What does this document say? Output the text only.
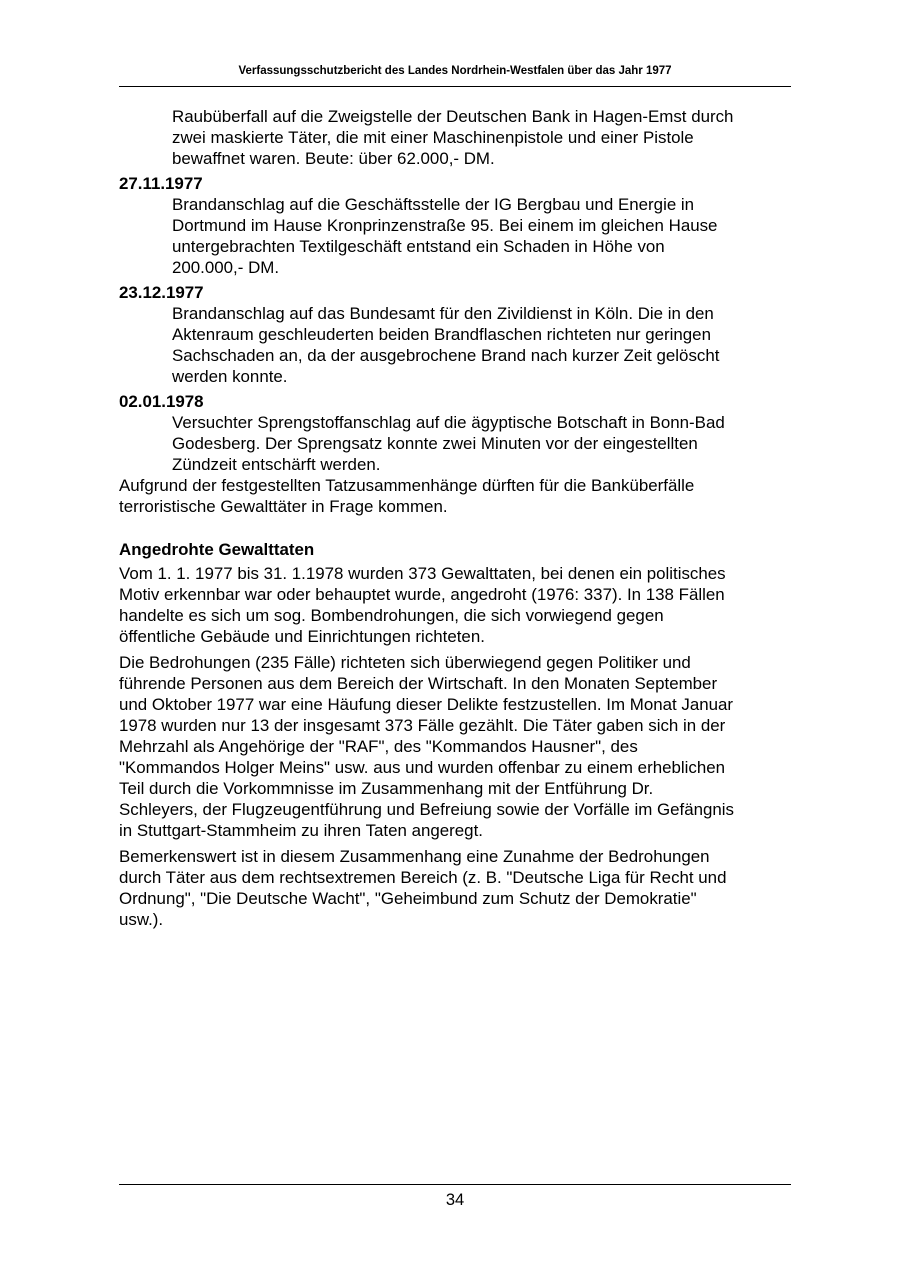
Verfassungsschutzbericht des Landes Nordrhein-Westfalen über das Jahr 1977
Raubüberfall auf die Zweigstelle der Deutschen Bank in Hagen-Emst durch
zwei maskierte Täter, die mit einer Maschinenpistole und einer Pistole
bewaffnet waren. Beute: über 62.000,- DM.
27.11.1977
Brandanschlag auf die Geschäftsstelle der IG Bergbau und Energie in
Dortmund im Hause Kronprinzenstraße 95. Bei einem im gleichen Hause
untergebrachten Textilgeschäft entstand ein Schaden in Höhe von
200.000,- DM.
23.12.1977
Brandanschlag auf das Bundesamt für den Zivildienst in Köln. Die in den
Aktenraum geschleuderten beiden Brandflaschen richteten nur geringen
Sachschaden an, da der ausgebrochene Brand nach kurzer Zeit gelöscht
werden konnte.
02.01.1978
Versuchter Sprengstoffanschlag auf die ägyptische Botschaft in Bonn-Bad
Godesberg. Der Sprengsatz konnte zwei Minuten vor der eingestellten
Zündzeit entschärft werden.
Aufgrund der festgestellten Tatzusammenhänge dürften für die Banküberfälle
terroristische Gewalttäter in Frage kommen.
Angedrohte Gewalttaten
Vom 1. 1. 1977 bis 31. 1.1978 wurden 373 Gewalttaten, bei denen ein politisches
Motiv erkennbar war oder behauptet wurde, angedroht (1976: 337). In 138 Fällen
handelte es sich um sog. Bombendrohungen, die sich vorwiegend gegen
öffentliche Gebäude und Einrichtungen richteten.
Die Bedrohungen (235 Fälle) richteten sich überwiegend gegen Politiker und
führende Personen aus dem Bereich der Wirtschaft. In den Monaten September
und Oktober 1977 war eine Häufung dieser Delikte festzustellen. Im Monat Januar
1978 wurden nur 13 der insgesamt 373 Fälle gezählt. Die Täter gaben sich in der
Mehrzahl als Angehörige der "RAF", des "Kommandos Hausner", des
"Kommandos Holger Meins" usw. aus und wurden offenbar zu einem erheblichen
Teil durch die Vorkommnisse im Zusammenhang mit der Entführung Dr.
Schleyers, der Flugzeugentführung und Befreiung sowie der Vorfälle im Gefängnis
in Stuttgart-Stammheim zu ihren Taten angeregt.
Bemerkenswert ist in diesem Zusammenhang eine Zunahme der Bedrohungen
durch Täter aus dem rechtsextremen Bereich (z. B. "Deutsche Liga für Recht und
Ordnung", "Die Deutsche Wacht", "Geheimbund zum Schutz der Demokratie"
usw.).
34
